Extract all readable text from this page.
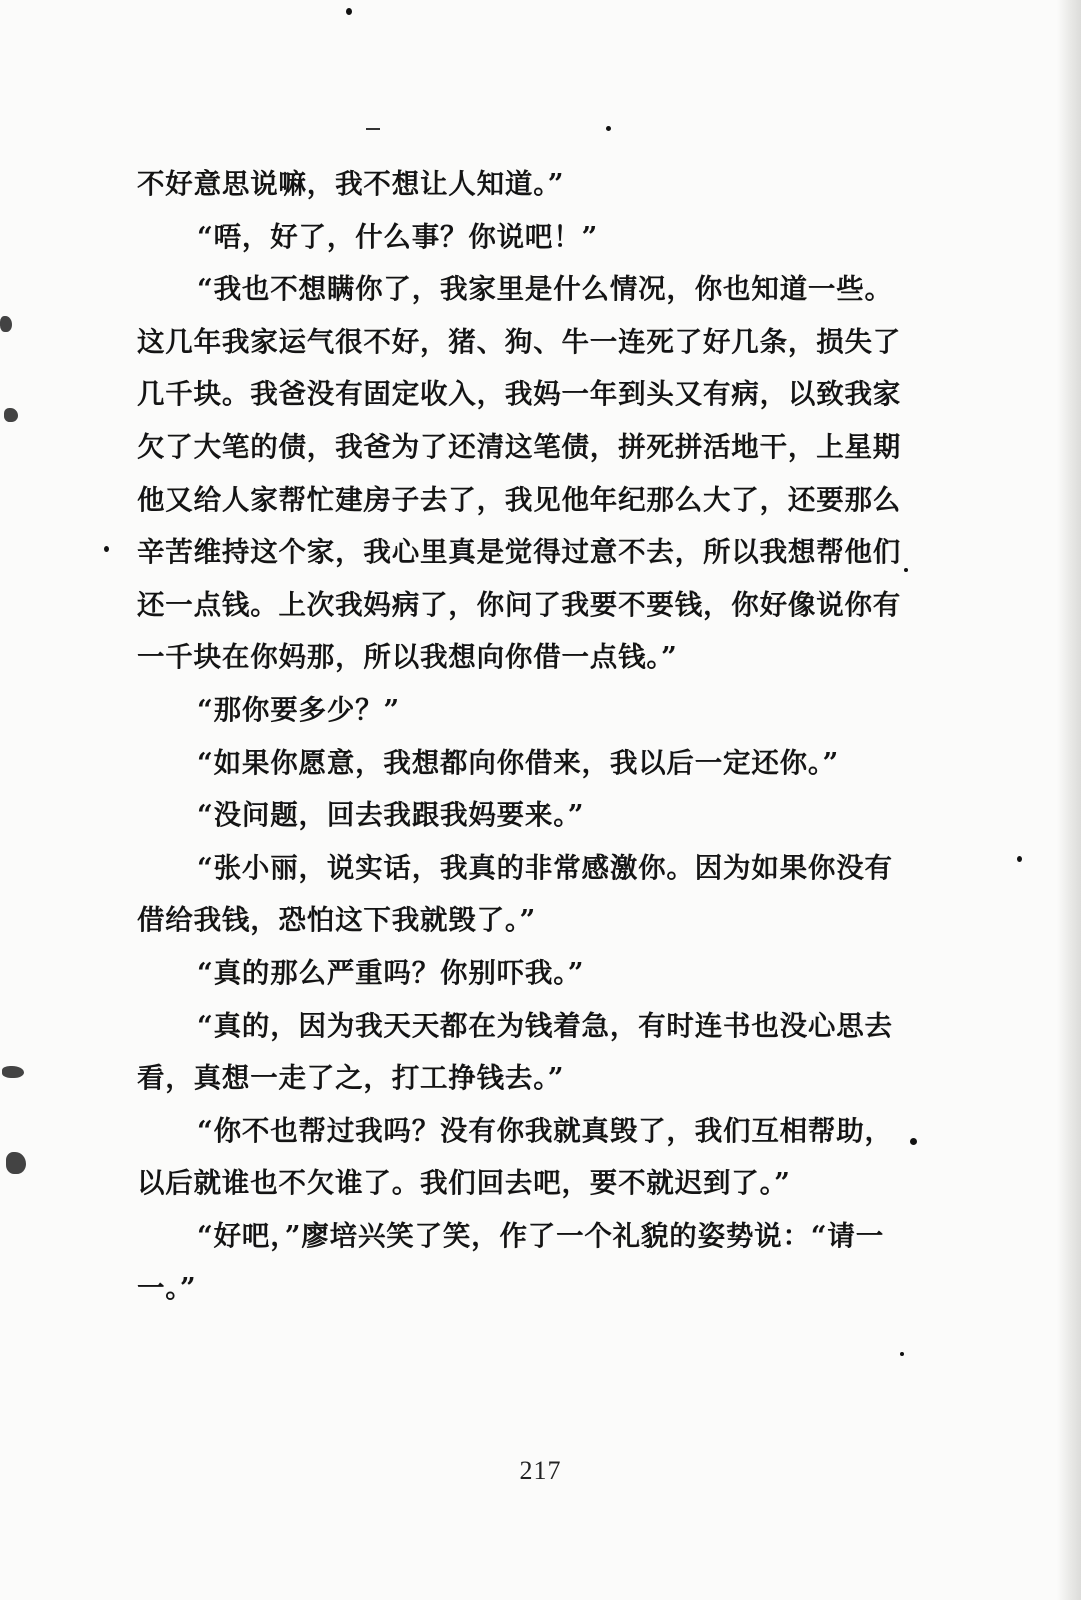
不好意思说嘛，我不想让人知道。”
“唔，好了，什么事？你说吧！”
“我也不想瞒你了，我家里是什么情况，你也知道一些。
这几年我家运气很不好，猪、狗、牛一连死了好几条，损失了
几千块。我爸没有固定收入，我妈一年到头又有病，以致我家
欠了大笔的债，我爸为了还清这笔债，拼死拼活地干，上星期
他又给人家帮忙建房子去了，我见他年纪那么大了，还要那么
辛苦维持这个家，我心里真是觉得过意不去，所以我想帮他们
还一点钱。上次我妈病了，你问了我要不要钱，你好像说你有
一千块在你妈那，所以我想向你借一点钱。”
“那你要多少？”
“如果你愿意，我想都向你借来，我以后一定还你。”
“没问题，回去我跟我妈要来。”
“张小丽，说实话，我真的非常感激你。因为如果你没有
借给我钱，恐怕这下我就毁了。”
“真的那么严重吗？你别吓我。”
“真的，因为我天天都在为钱着急，有时连书也没心思去
看，真想一走了之，打工挣钱去。”
“你不也帮过我吗？没有你我就真毁了，我们互相帮助，
以后就谁也不欠谁了。我们回去吧，要不就迟到了。”
“好吧，”廖培兴笑了笑，作了一个礼貌的姿势说：“请一
一。”
217
